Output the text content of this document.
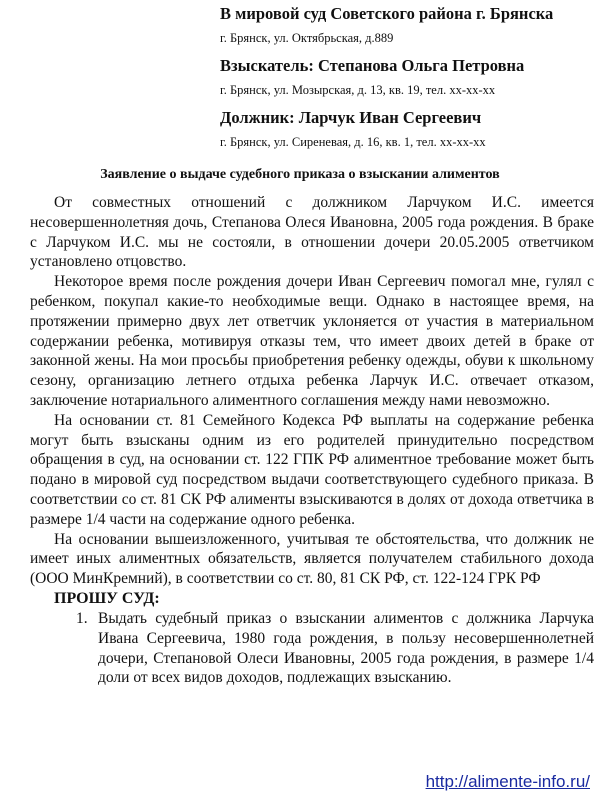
В мировой суд Советского района г. Брянска
г. Брянск, ул. Октябрьская, д.889
Взыскатель: Степанова Ольга Петровна
г. Брянск, ул. Мозырская, д. 13, кв. 19, тел. хх-хх-хх
Должник: Ларчук Иван Сергеевич
г. Брянск, ул. Сиреневая, д. 16, кв. 1, тел. хх-хх-хх
Заявление о выдаче судебного приказа о взыскании алиментов

От совместных отношений с должником Ларчуком И.С. имеется несовершеннолетняя дочь, Степанова Олеся Ивановна, 2005 года рождения. В браке с Ларчуком И.С. мы не состояли, в отношении дочери 20.05.2005 ответчиком установлено отцовство.

Некоторое время после рождения дочери Иван Сергеевич помогал мне, гулял с ребенком, покупал какие-то необходимые вещи. Однако в настоящее время, на протяжении примерно двух лет ответчик уклоняется от участия в материальном содержании ребенка, мотивируя отказы тем, что имеет двоих детей в браке от законной жены. На мои просьбы приобретения ребенку одежды, обуви к школьному сезону, организацию летнего отдыха ребенка Ларчук И.С. отвечает отказом, заключение нотариального алиментного соглашения между нами невозможно.

На основании ст. 81 Семейного Кодекса РФ выплаты на содержание ребенка могут быть взысканы одним из его родителей принудительно посредством обращения в суд, на основании ст. 122 ГПК РФ алиментное требование может быть подано в мировой суд посредством выдачи соответствующего судебного приказа. В соответствии со ст. 81 СК РФ алименты взыскиваются в долях от дохода ответчика в размере 1/4 части на содержание одного ребенка.

На основании вышеизложенного, учитывая те обстоятельства, что должник не имеет иных алиментных обязательств, является получателем стабильного дохода (ООО МинКремний), в соответствии со ст. 80, 81 СК РФ, ст. 122-124 ГРК РФ

ПРОШУ СУД:
1. Выдать судебный приказ о взыскании алиментов с должника Ларчука Ивана Сергеевича, 1980 года рождения, в пользу несовершеннолетней дочери, Степановой Олеси Ивановны, 2005 года рождения, в размере 1/4 доли от всех видов доходов, подлежащих взысканию.
http://alimente-info.ru/
